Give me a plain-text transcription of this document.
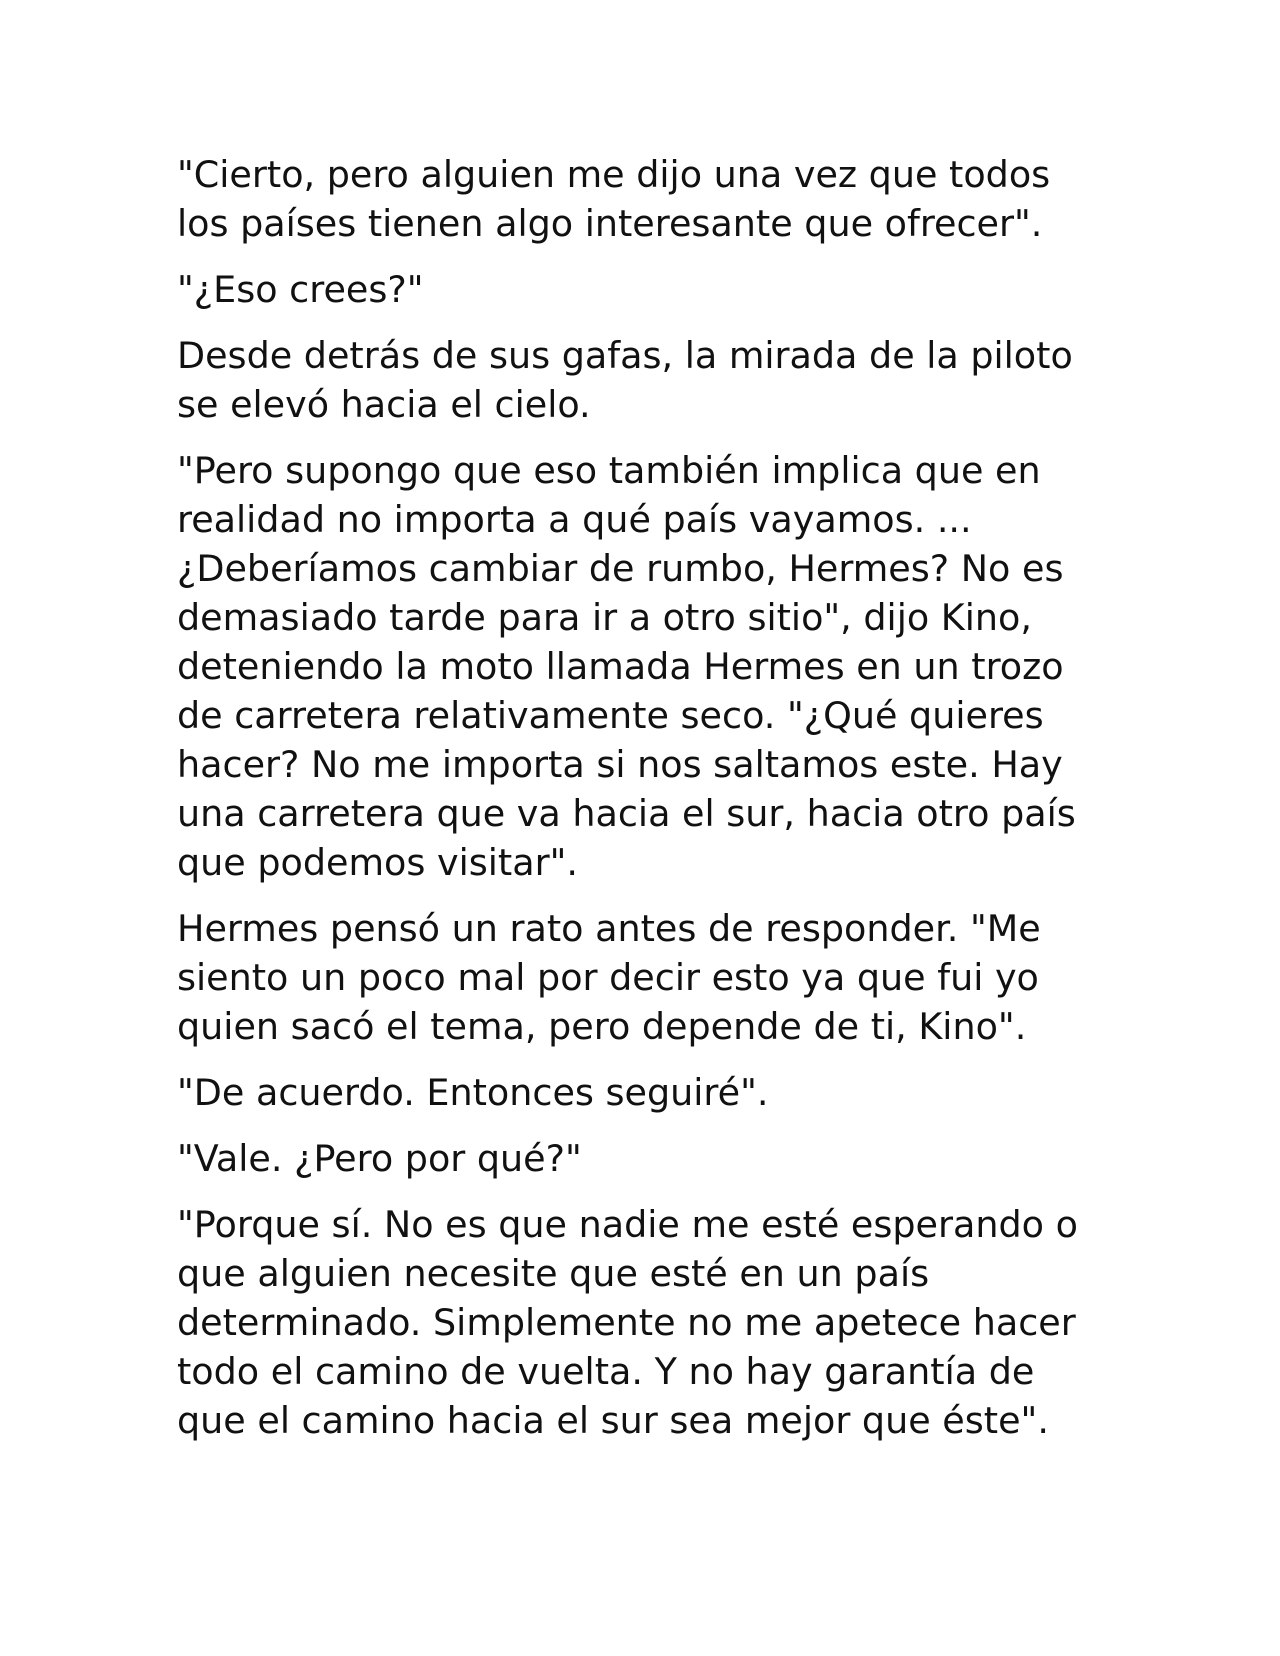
"Cierto, pero alguien me dijo una vez que todos los países tienen algo interesante que ofrecer".

"¿Eso crees?"

Desde detrás de sus gafas, la mirada de la piloto se elevó hacia el cielo.

"Pero supongo que eso también implica que en realidad no importa a qué país vayamos. ...¿Deberíamos cambiar de rumbo, Hermes? No es demasiado tarde para ir a otro sitio", dijo Kino, deteniendo la moto llamada Hermes en un trozo de carretera relativamente seco. "¿Qué quieres hacer? No me importa si nos saltamos este. Hay una carretera que va hacia el sur, hacia otro país que podemos visitar".

Hermes pensó un rato antes de responder. "Me siento un poco mal por decir esto ya que fui yo quien sacó el tema, pero depende de ti, Kino".

"De acuerdo. Entonces seguiré".

"Vale. ¿Pero por qué?"

"Porque sí. No es que nadie me esté esperando o que alguien necesite que esté en un país determinado. Simplemente no me apetece hacer todo el camino de vuelta. Y no hay garantía de que el camino hacia el sur sea mejor que éste".
